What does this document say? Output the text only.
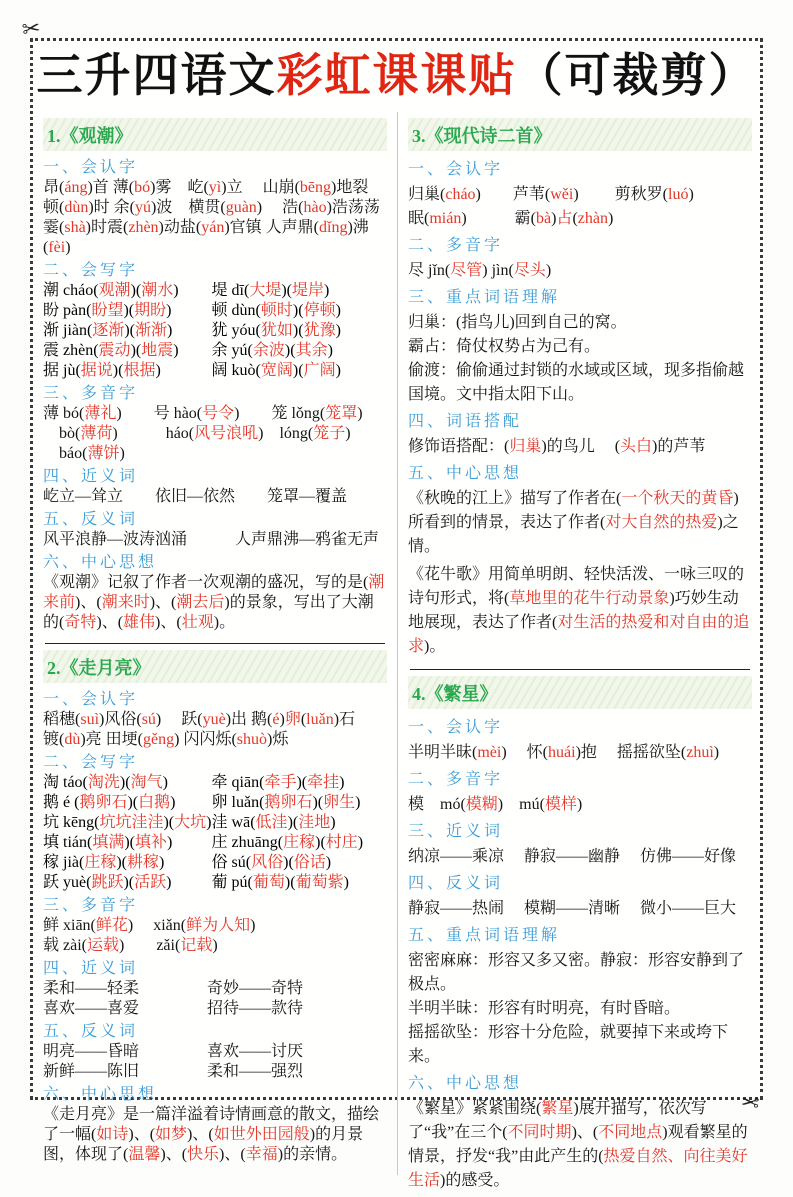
✂
✂
三升四语文彩虹课课贴（可裁剪）
1.《观潮》
一、会认字
昂(áng)首 薄(bó)雾　屹(yì)立　 山崩(bēng)地裂
顿(dùn)时 余(yú)波　横贯(guàn)　 浩(hào)浩荡荡
霎(shà)时震(zhèn)动盐(yán)官镇 人声鼎(dǐng)沸(fèi)
二、会写字
潮 cháo(观潮)(潮水)	堤 dī(大堤)(堤岸)
盼 pàn(盼望)(期盼)	顿 dùn(顿时)(停顿)
渐 jiàn(逐渐)(渐渐)	犹 yóu(犹如)(犹豫)
震 zhèn(震动)(地震)	余 yú(余波)(其余)
据 jù(据说)(根据)	阔 kuò(宽阔)(广阔)
三、多音字
薄 bó(薄礼)　　号 hào(号令)　　笼 lǒng(笼罩)
　bò(薄荷)　　　háo(风号浪吼)　lóng(笼子)
　báo(薄饼)
四、近义词
屹立—耸立　　依旧—依然　　笼罩—覆盖
五、反义词
风平浪静—波涛汹涌　　　人声鼎沸—鸦雀无声
六、中心思想
《观潮》记叙了作者一次观潮的盛况，写的是(潮来前)、(潮来时)、(潮去后)的景象，写出了大潮的(奇特)、(雄伟)、(壮观)。
2.《走月亮》
一、会认字
稻穗(suì)风俗(sú)　 跃(yuè)出 鹅(é)卵(luǎn)石
镀(dù)亮 田埂(gěng) 闪闪烁(shuò)烁
二、会写字
淘 táo(淘洗)(淘气)	牵 qiān(牵手)(牵挂)
鹅 é (鹅卵石)(白鹅)	卵 luǎn(鹅卵石)(卵生)
坑 kēng(坑坑洼洼)(大坑) 洼 wā(低洼)(洼地)
填 tián(填满)(填补)	庄 zhuāng(庄稼)(村庄)
稼 jià(庄稼)(耕稼)	俗 sú(风俗)(俗话)
跃 yuè(跳跃)(活跃)	葡 pú(葡萄)(葡萄紫)
三、多音字
鲜 xiān(鲜花)　 xiǎn(鲜为人知)
载 zài(运载)　　zǎi(记载)
四、近义词
柔和——轻柔　　　　 奇妙——奇特
喜欢——喜爱　　　　 招待——款待
五、反义词
明亮——昏暗　　　　 喜欢——讨厌
新鲜——陈旧　　　　 柔和——强烈
六、中心思想
《走月亮》是一篇洋溢着诗情画意的散文，描绘了一幅(如诗)、(如梦)、(如世外田园般)的月景图，体现了(温馨)、(快乐)、(幸福)的亲情。
3.《现代诗二首》
一、会认字
归巢(cháo)　　芦苇(wěi)　　 剪秋罗(luó)
眠(mián)　　　霸(bà)占(zhàn)
二、多音字
尽 jǐn(尽管) jìn(尽头)
三、重点词语理解
归巢：(指鸟儿)回到自己的窝。
霸占：倚仗权势占为己有。
偷渡：偷偷通过封锁的水域或区域，现多指偷越国境。文中指太阳下山。
四、词语搭配
修饰语搭配：(归巢)的鸟儿　 (头白)的芦苇
五、中心思想
《秋晚的江上》描写了作者在(一个秋天的黄昏)所看到的情景，表达了作者(对大自然的热爱)之情。
《花牛歌》用简单明朗、轻快活泼、一咏三叹的诗句形式，将(草地里的花牛行动景象)巧妙生动地展现，表达了作者(对生活的热爱和对自由的追求)。
4.《繁星》
一、会认字
半明半昧(mèi)　 怀(huái)抱　 摇摇欲坠(zhuì)
二、多音字
模　mó(模糊)　mú(模样)
三、近义词
纳凉——乘凉　 静寂——幽静　 仿佛——好像
四、反义词
静寂——热闹　 模糊——清晰　 微小——巨大
五、重点词语理解
密密麻麻：形容又多又密。静寂：形容安静到了极点。
半明半昧：形容有时明亮，有时昏暗。
摇摇欲坠：形容十分危险，就要掉下来或垮下来。
六、中心思想
《繁星》紧紧围绕(繁星)展开描写，依次写了“我”在三个(不同时期)、(不同地点)观看繁星的情景，抒发“我”由此产生的(热爱自然、向往美好生活)的感受。
